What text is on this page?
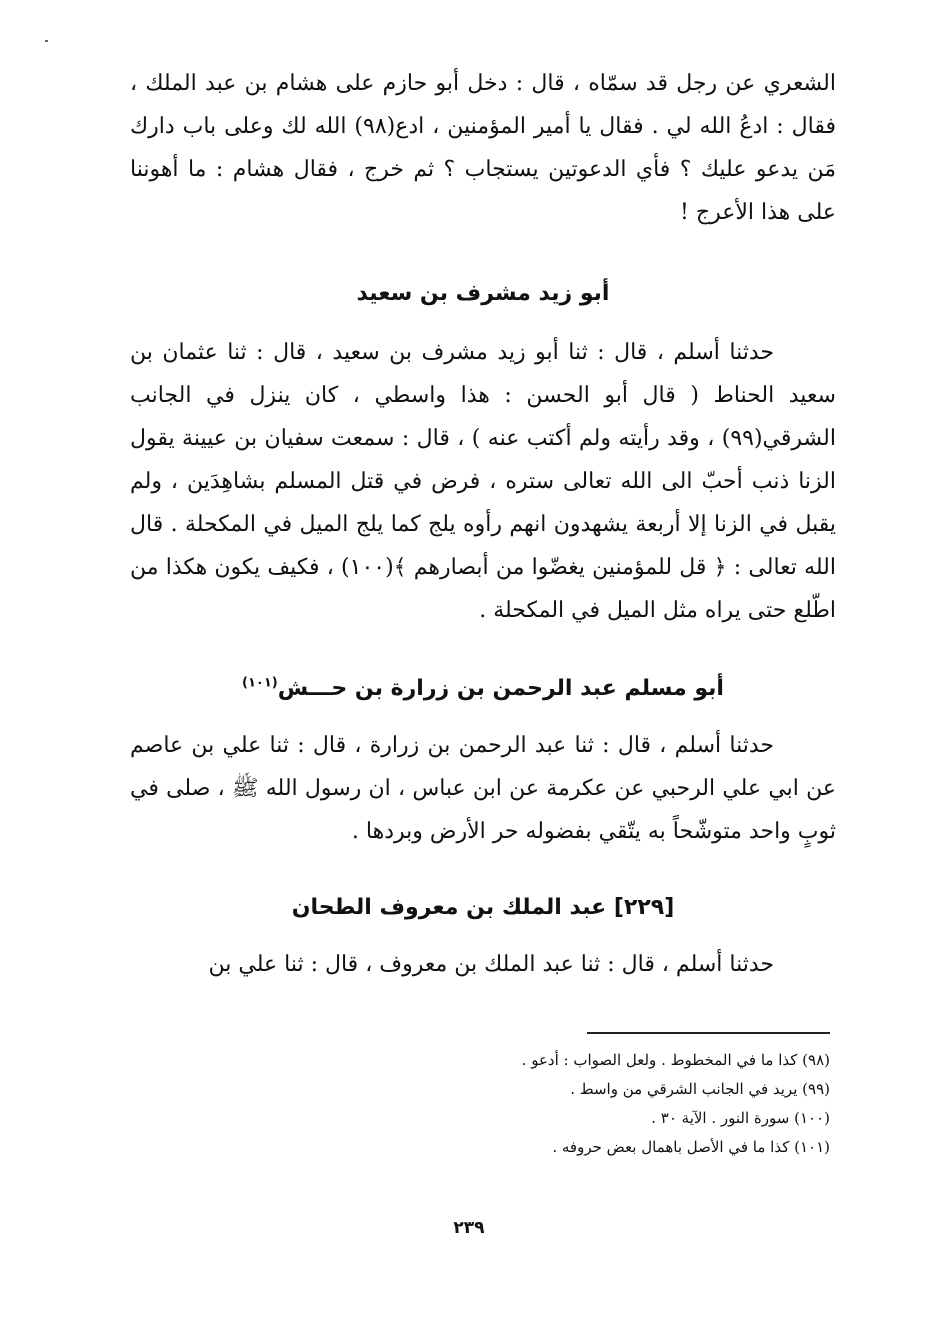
الشعري عن رجل قد سمّاه ، قال : دخل أبو حازم على هشام بن عبد الملك ، فقال : ادعُ الله لي . فقال يا أمير المؤمنين ، ادع(٩٨) الله لك وعلى باب دارك مَن يدعو عليك ؟ فأي الدعوتين يستجاب ؟ ثم خرج ، فقال هشام : ما أهوننا على هذا الأعرج !

أبو زيد مشرف بن سعيد

حدثنا أسلم ، قال : ثنا أبو زيد مشرف بن سعيد ، قال : ثنا عثمان بن سعيد الحناط ( قال أبو الحسن : هذا واسطي ، كان ينزل في الجانب الشرقي(٩٩) ، وقد رأيته ولم أكتب عنه ) ، قال : سمعت سفيان بن عيينة يقول الزنا ذنب أحبّ الى الله تعالى ستره ، فرض في قتل المسلم بشاهِدَين ، ولم يقبل في الزنا إلا أربعة يشهدون انهم رأوه يلج كما يلج الميل في المكحلة . قال الله تعالى : ﴿ قل للمؤمنين يغضّوا من أبصارهم ﴾(١٠٠) ، فكيف يكون هكذا من اطّلع حتى يراه مثل الميل في المكحلة .

أبو مسلم عبد الرحمن بن زرارة بن حـــش$^{(١٠١)}$

حدثنا أسلم ، قال : ثنا عبد الرحمن بن زرارة ، قال : ثنا علي بن عاصم عن ابي علي الرحبي عن عكرمة عن ابن عباس ، ان رسول الله ﷺ ، صلى في ثوبٍ واحد متوشّحاً به يتّقي بفضوله حر الأرض وبردها .

[٢٢٩] عبد الملك بن معروف الطحان

حدثنا أسلم ، قال : ثنا عبد الملك بن معروف ، قال : ثنا علي بن

(٩٨) كذا ما في المخطوط . ولعل الصواب : أدعو .

(٩٩) يريد في الجانب الشرقي من واسط .

(١٠٠) سورة النور . الآية ٣٠ .

(١٠١) كذا ما في الأصل باهمال بعض حروفه .

٢٣٩
